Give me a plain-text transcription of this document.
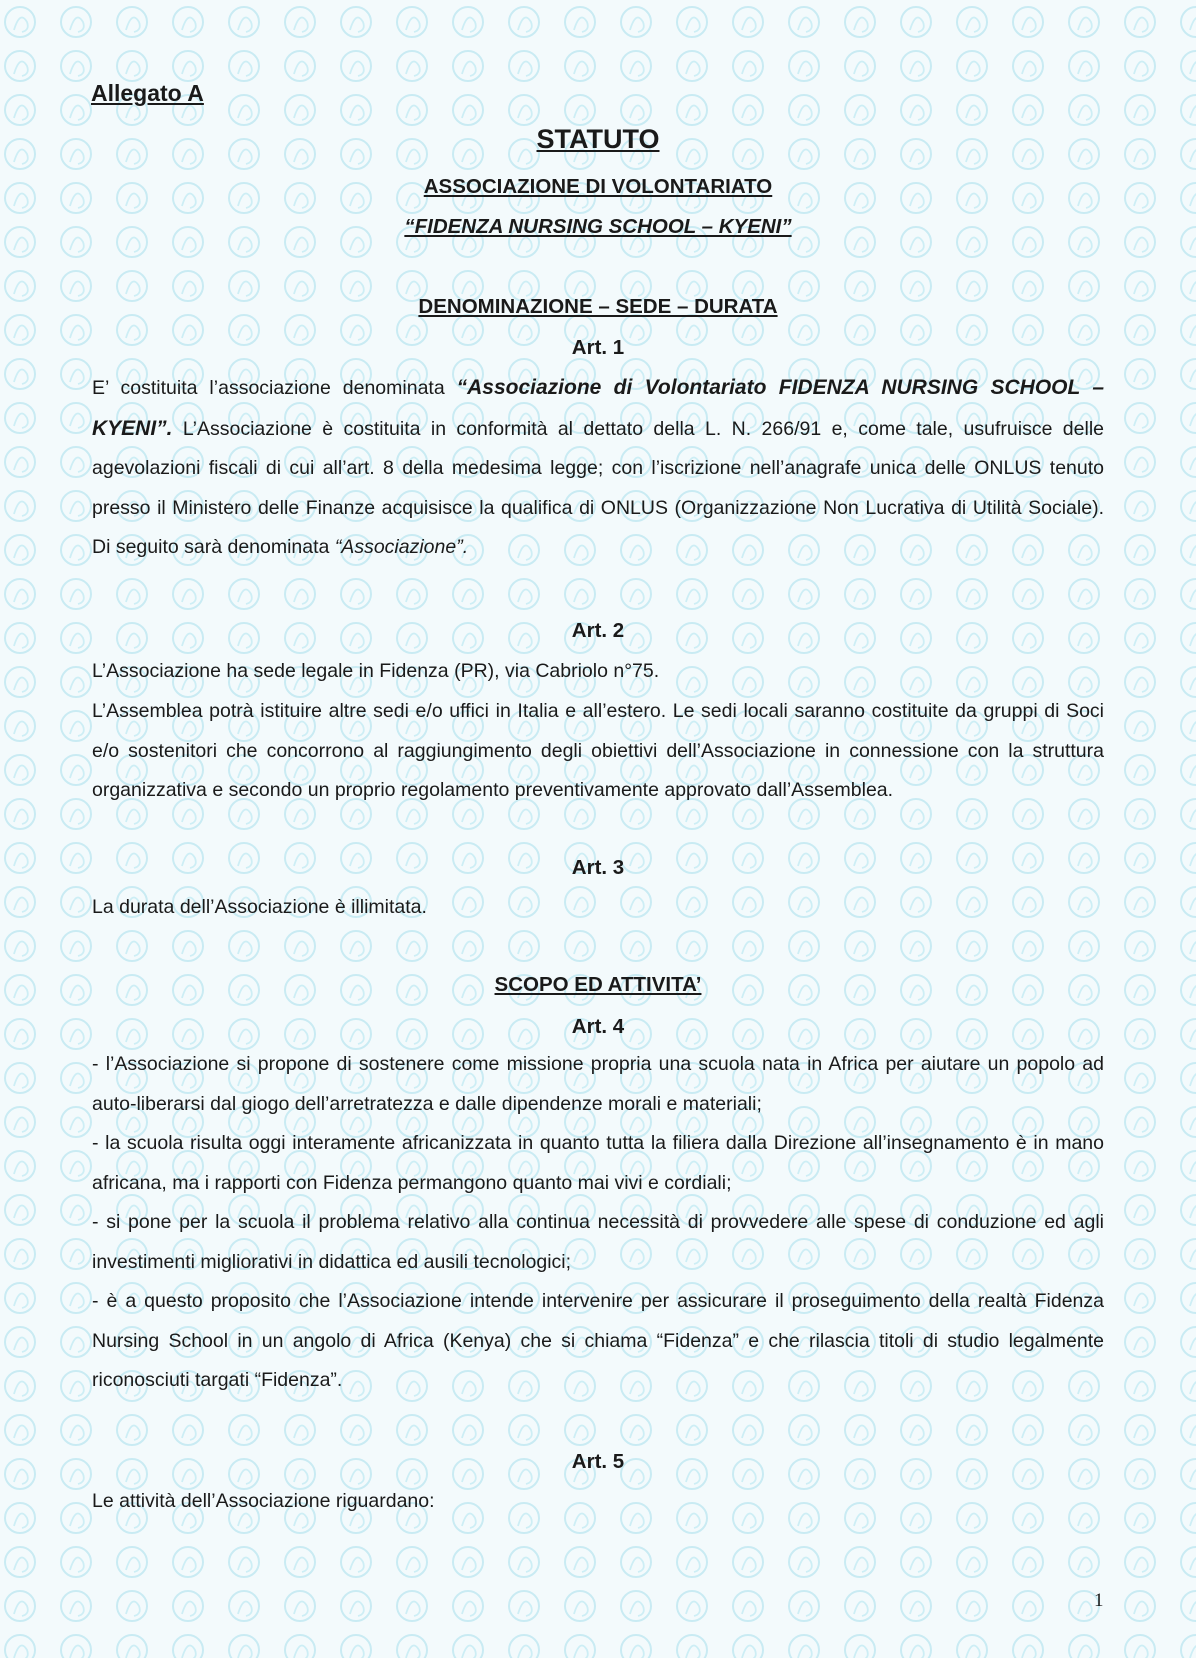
Allegato A

STATUTO

ASSOCIAZIONE DI VOLONTARIATO

“FIDENZA NURSING SCHOOL – KYENI”

DENOMINAZIONE – SEDE – DURATA

Art. 1

E’ costituita l’associazione denominata “Associazione di Volontariato FIDENZA NURSING SCHOOL – KYENI”. L’Associazione è costituita in conformità al dettato della L. N. 266/91 e, come tale, usufruisce delle agevolazioni fiscali di cui all’art. 8 della medesima legge; con l’iscrizione nell’anagrafe unica delle ONLUS tenuto presso il Ministero delle Finanze acquisisce la qualifica di ONLUS (Organizzazione Non Lucrativa di Utilità Sociale). Di seguito sarà denominata “Associazione”.

Art. 2

L’Associazione ha sede legale in Fidenza (PR), via Cabriolo n°75.

L’Assemblea potrà istituire altre sedi e/o uffici in Italia e all’estero. Le sedi locali saranno costituite da gruppi di Soci e/o sostenitori che concorrono al raggiungimento degli obiettivi dell’Associazione in connessione con la struttura organizzativa e secondo un proprio regolamento preventivamente approvato dall’Assemblea.

Art. 3

La durata dell’Associazione è illimitata.

SCOPO ED ATTIVITA’

Art. 4

- l’Associazione si propone di sostenere come missione propria una scuola nata in Africa per aiutare un popolo ad auto-liberarsi dal giogo dell’arretratezza e dalle dipendenze morali e materiali;
- la scuola risulta oggi interamente africanizzata in quanto tutta la filiera dalla Direzione all’insegnamento è in mano africana, ma i rapporti con Fidenza permangono quanto mai vivi e cordiali;
- si pone per la scuola il problema relativo alla continua necessità di provvedere alle spese di conduzione ed agli investimenti migliorativi in didattica ed ausili tecnologici;
- è a questo proposito che l’Associazione intende intervenire per assicurare il proseguimento della realtà Fidenza Nursing School in un angolo di Africa (Kenya) che si chiama “Fidenza” e che rilascia titoli di studio legalmente riconosciuti targati “Fidenza”.

Art. 5

Le attività dell’Associazione riguardano:

1
